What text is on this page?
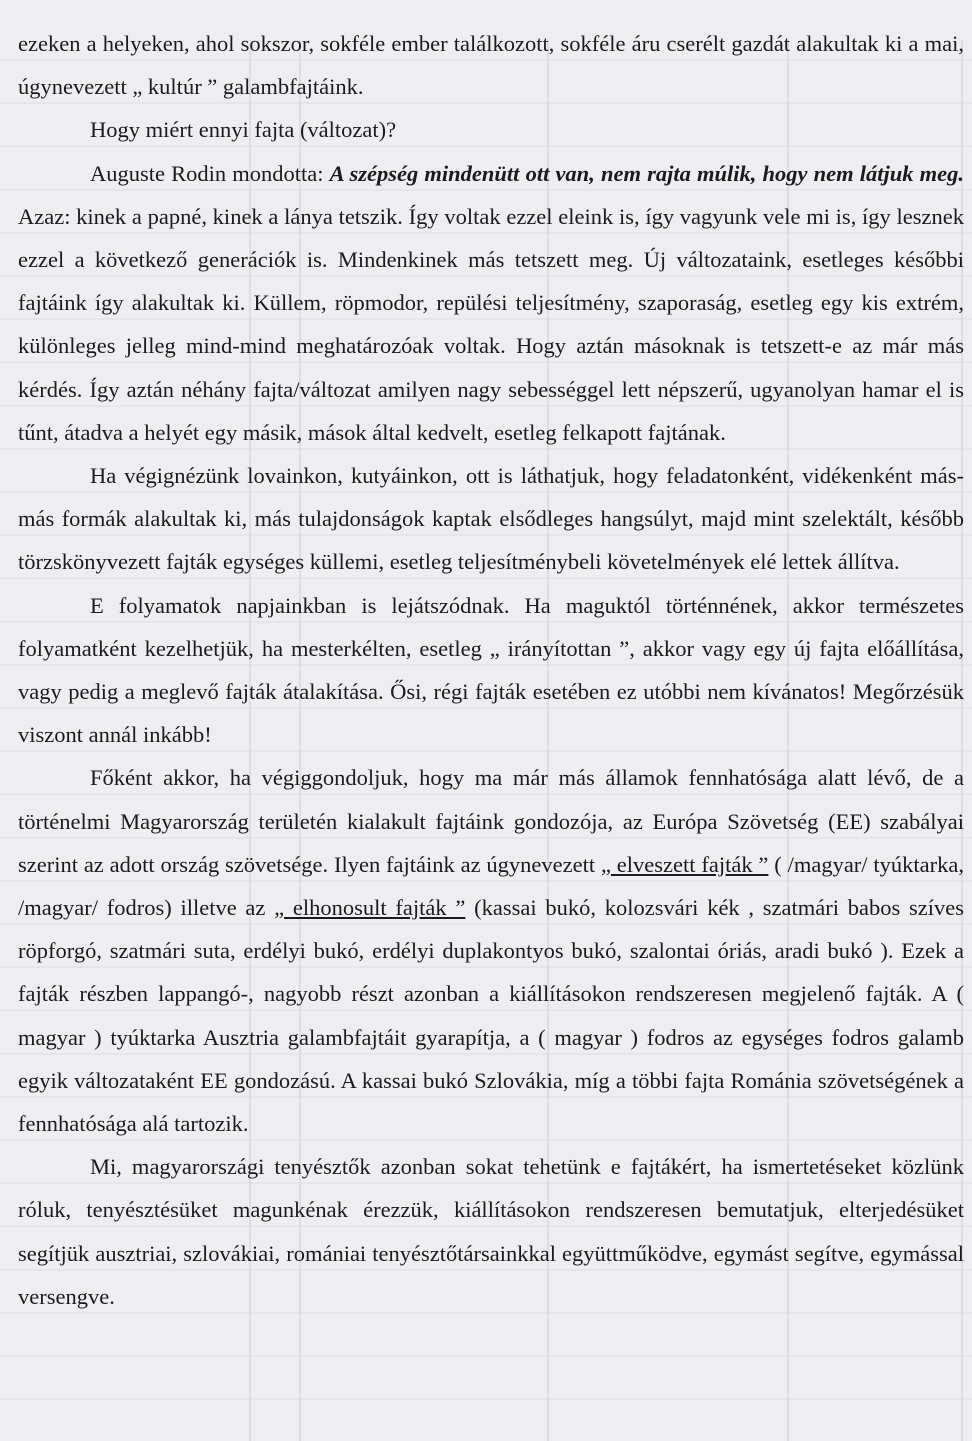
ezeken a helyeken, ahol sokszor, sokféle ember találkozott, sokféle áru cserélt gazdát alakultak ki a mai, úgynevezett „ kultúr ” galambfajtáink.

Hogy miért ennyi fajta (változat)?

Auguste Rodin mondotta: A szépség mindenütt ott van, nem rajta múlik, hogy nem látjuk meg. Azaz: kinek a papné, kinek a lánya tetszik. Így voltak ezzel eleink is, így vagyunk vele mi is, így lesznek ezzel a következő generációk is. Mindenkinek más tetszett meg. Új változataink, esetleges későbbi fajtáink így alakultak ki. Küllem, röpmodor, repülési teljesítmény, szaporaság, esetleg egy kis extrém, különleges jelleg mind-mind meghatározóak voltak. Hogy aztán másoknak is tetszett-e az már más kérdés. Így aztán néhány fajta/változat amilyen nagy sebességgel lett népszerű, ugyanolyan hamar el is tűnt, átadva a helyét egy másik, mások által kedvelt, esetleg felkapott fajtának.

Ha végignézünk lovainkon, kutyáinkon, ott is láthatjuk, hogy feladatonként, vidékenként más-más formák alakultak ki, más tulajdonságok kaptak elsődleges hangsúlyt, majd mint szelektált, később törzskönyvezett fajták egységes küllemi, esetleg teljesítménybeli követelmények elé lettek állítva.

E folyamatok napjainkban is lejátszódnak. Ha maguktól történnének, akkor természetes folyamatként kezelhetjük, ha mesterkélten, esetleg „ irányítottan ”, akkor vagy egy új fajta előállítása, vagy pedig a meglevő fajták átalakítása. Ősi, régi fajták esetében ez utóbbi nem kívánatos! Megőrzésük viszont annál inkább!

Főként akkor, ha végiggondoljuk, hogy ma már más államok fennhatósága alatt lévő, de a történelmi Magyarország területén kialakult fajtáink gondozója, az Európa Szövetség (EE) szabályai szerint az adott ország szövetsége. Ilyen fajtáink az úgynevezett „ elveszett fajták ” ( /magyar/ tyúktarka, /magyar/ fodros) illetve az „ elhonosult fajták ” (kassai bukó, kolozsvári kék , szatmári babos szíves röpforgó, szatmári suta, erdélyi bukó, erdélyi duplakontyos bukó, szalontai óriás, aradi bukó ). Ezek a fajták részben lappangó-, nagyobb részt azonban a kiállításokon rendszeresen megjelenő fajták. A ( magyar ) tyúktarka Ausztria galambfajtáit gyarapítja, a ( magyar ) fodros az egységes fodros galamb egyik változataként EE gondozású. A kassai bukó Szlovákia, míg a többi fajta Románia szövetségének a fennhatósága alá tartozik.

Mi, magyarországi tenyésztők azonban sokat tehetünk e fajtákért, ha ismertetéseket közlünk róluk, tenyésztésüket magunkénak érezzük, kiállításokon rendszeresen bemutatjuk, elterjedésüket segítjük ausztriai, szlovákiai, romániai tenyésztőtársainkkal együttműködve, egymást segítve, egymással versengve.
